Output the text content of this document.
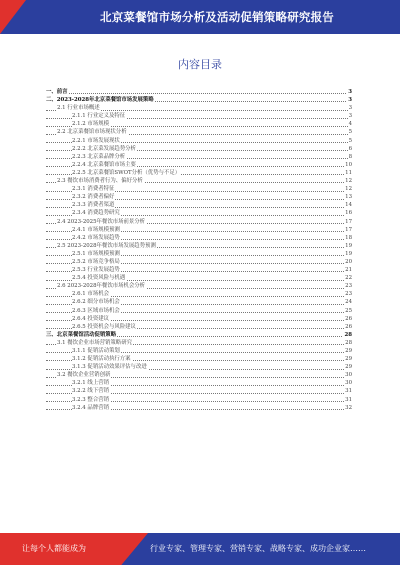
北京菜餐馆市场分析及活动促销策略研究报告
内容目录
一、前言	3
二、2023-2028年北京菜餐馆市场发展策略	3
2.1 行业市场概述	3
2.1.1 行业定义及特征	3
2.1.2 市场规模	4
2.2 北京菜餐馆市场现状分析	5
2.2.1 市场发展现状	5
2.2.2 北京菜发展趋势分析	6
2.2.3 北京菜品牌分析	8
2.2.4 北京菜餐馆市场主要	10
2.2.5 北京菜餐馆SWOT分析（优势与不足）	11
2.3 餐饮市场消费者行为、偏好分析	12
2.3.1 消费者特征	12
2.3.2 消费者偏好	13
2.3.3 消费者渠道	14
2.3.4 消费趋势研究	16
2.4 2023-2025年餐饮市场前景分析	17
2.4.1 市场规模预测	17
2.4.2 市场发展趋势	18
2.5 2023-2028年餐饮市场发展趋势预测	19
2.5.1 市场规模预测	19
2.5.2 市场竞争格局	20
2.5.3 行业发展趋势	21
2.5.4 投资风险与机遇	22
2.6 2023-2028年餐饮市场机会分析	23
2.6.1 市场机会	23
2.6.2 细分市场机会	24
2.6.3 区域市场机会	25
2.6.4 投资建议	26
2.6.5 投资机会与风险建议	26
三、北京菜餐馆活动促销策略	28
3.1 餐饮企业市场营销策略研究	28
3.1.1 促销活动策划	29
3.1.2 促销活动执行方案	29
3.1.3 促销活动效果评估与改进	29
3.2 餐饮企业营销创新	30
3.2.1 线上营销	30
3.2.2 线下营销	31
3.2.3 整合营销	31
3.2.4 品牌营销	32
让每个人都能成为	行业专家、管理专家、营销专家、战略专家、成功企业家……
